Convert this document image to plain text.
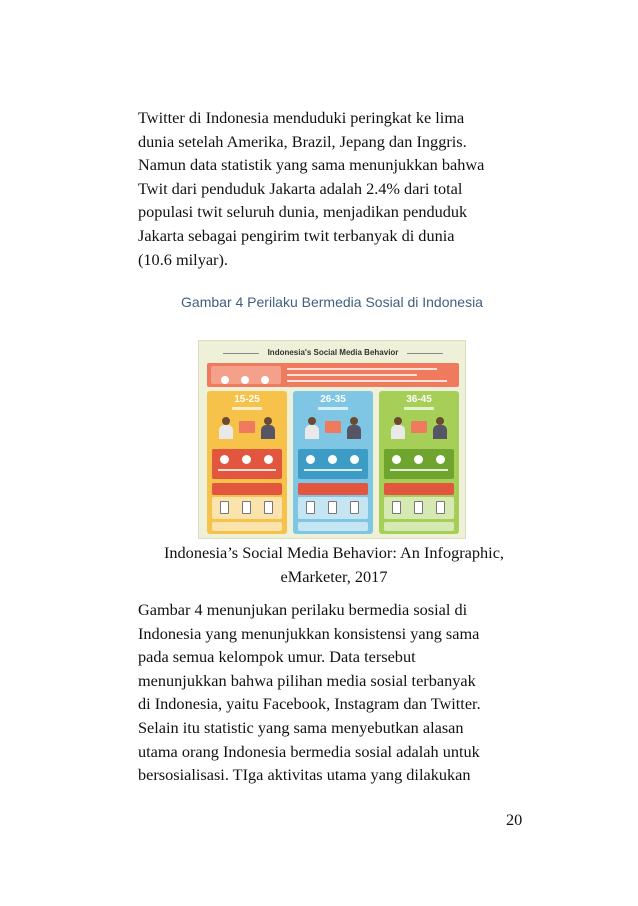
Twitter di Indonesia menduduki peringkat ke lima
dunia setelah Amerika, Brazil, Jepang dan Inggris.
Namun data statistik yang sama menunjukkan bahwa
Twit dari penduduk Jakarta adalah 2.4% dari total
populasi twit seluruh dunia, menjadikan penduduk
Jakarta sebagai pengirim twit terbanyak di dunia
(10.6 milyar).

Gambar 4 Perilaku Bermedia Sosial di Indonesia
Indonesia's Social Media Behavior
15-25	26-35	36-45
Indonesia’s Social Media Behavior: An Infographic,
eMarketer, 2017

Gambar 4 menunjukan perilaku bermedia sosial di
Indonesia yang menunjukkan konsistensi yang sama
pada semua kelompok umur. Data tersebut
menunjukkan bahwa pilihan media sosial terbanyak
di Indonesia, yaitu Facebook, Instagram dan Twitter.
Selain itu statistic yang sama menyebutkan alasan
utama orang Indonesia bermedia sosial adalah untuk
bersosialisasi. TIga aktivitas utama yang dilakukan

20
